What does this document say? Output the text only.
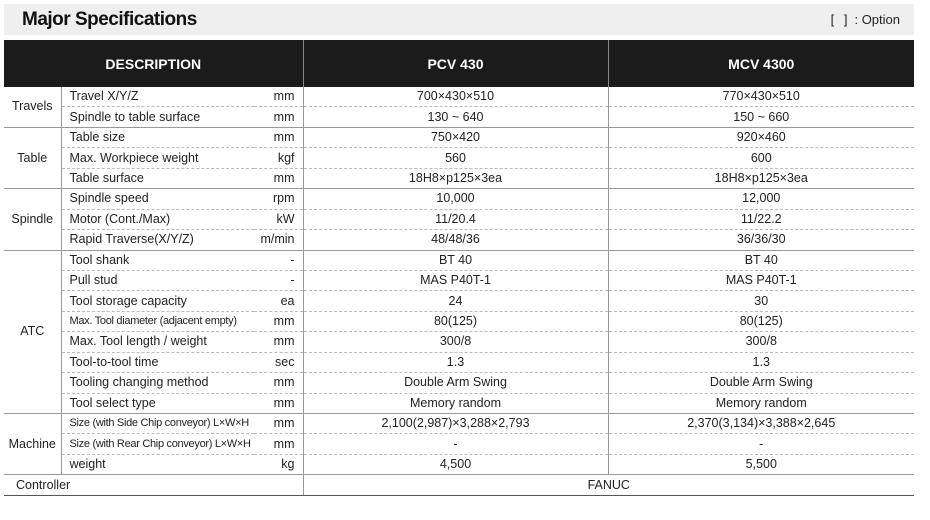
Major Specifications	[ ] : Option
DESCRIPTION			PCV 430	MCV 4300
Travels	Travel X/Y/Z	mm	700×430×510	770×430×510
	Spindle to table surface	mm	130 ~ 640	150 ~ 660
Table	Table size	mm	750×420	920×460
	Max. Workpiece weight	kgf	560	600
	Table surface	mm	18H8×p125×3ea	18H8×p125×3ea
Spindle	Spindle speed	rpm	10,000	12,000
	Motor (Cont./Max)	kW	11/20.4	11/22.2
	Rapid Traverse(X/Y/Z)	m/min	48/48/36	36/36/30
ATC	Tool shank	-	BT 40	BT 40
	Pull stud	-	MAS P40T-1	MAS P40T-1
	Tool storage capacity	ea	24	30
	Max. Tool diameter (adjacent empty)	mm	80(125)	80(125)
	Max. Tool length / weight	mm	300/8	300/8
	Tool-to-tool time	sec	1.3	1.3
	Tooling changing method	mm	Double Arm Swing	Double Arm Swing
	Tool select type	mm	Memory random	Memory random
Machine	Size (with Side Chip conveyor) L×W×H	mm	2,100(2,987)×3,288×2,793	2,370(3,134)×3,388×2,645
	Size (with Rear Chip conveyor) L×W×H	mm	-	-
	weight	kg	4,500	5,500
Controller			FANUC	
